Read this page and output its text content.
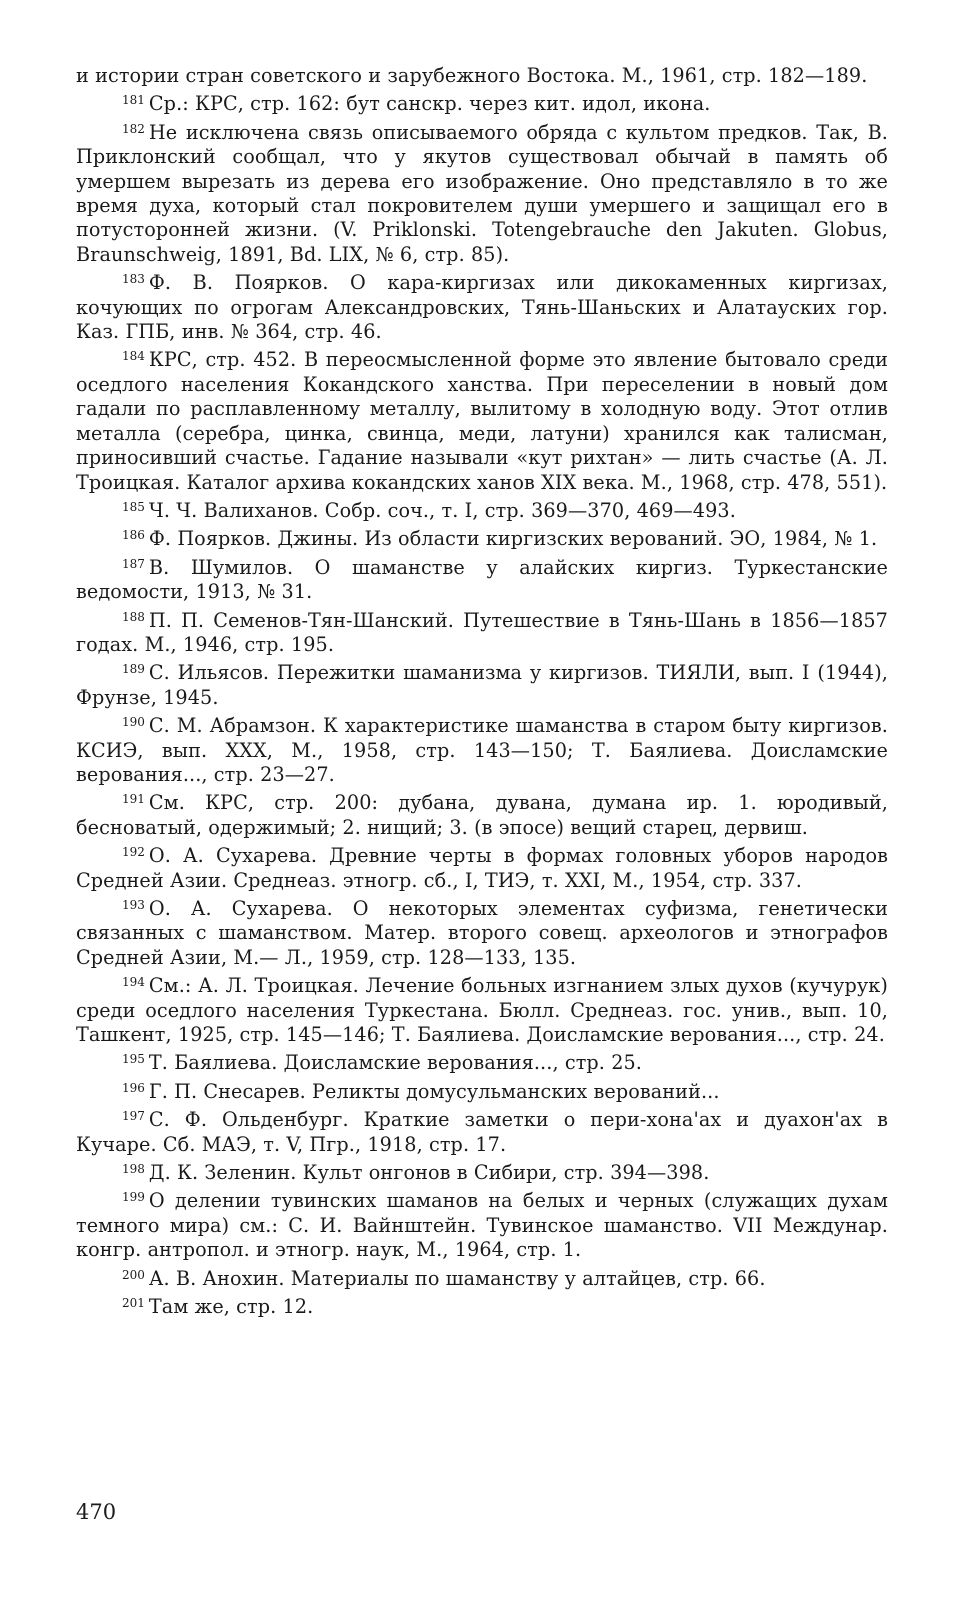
и истории стран советского и зарубежного Востока. М., 1961, стр. 182—189.

$^{181}$ Ср.: КРС, стр. 162: бут санскр. через кит. идол, икона.

$^{182}$ Не исключена связь описываемого обряда с культом предков. Так, В. Приклонский сообщал, что у якутов существовал обычай в память об умершем вырезать из дерева его изображение. Оно представляло в то же время духа, который стал покровителем души умершего и защищал его в потусторонней жизни. (V. Priklonski. Totengebrauche den Jakuten. Globus, Braunschweig, 1891, Bd. LIX, № 6, стр. 85).

$^{183}$ Ф. В. Поярков. О кара-киргизах или дикокаменных киргизах, кочующих по огрогам Александровских, Тянь-Шаньских и Алатауских гор. Каз. ГПБ, инв. № 364, стр. 46.

$^{184}$ КРС, стр. 452. В переосмысленной форме это явление бытовало среди оседлого населения Кокандского ханства. При переселении в новый дом гадали по расплавленному металлу, вылитому в холодную воду. Этот отлив металла (серебра, цинка, свинца, меди, латуни) хранился как талисман, приносивший счастье. Гадание называли «кут рихтан» — лить счастье (А. Л. Троицкая. Каталог архива кокандских ханов XIX века. М., 1968, стр. 478, 551).

$^{185}$ Ч. Ч. Валиханов. Собр. соч., т. I, стр. 369—370, 469—493.

$^{186}$ Ф. Поярков. Джины. Из области киргизских верований. ЭО, 1984, № 1.

$^{187}$ В. Шумилов. О шаманстве у алайских киргиз. Туркестанские ведомости, 1913, № 31.

$^{188}$ П. П. Семенов-Тян-Шанский. Путешествие в Тянь-Шань в 1856—1857 годах. М., 1946, стр. 195.

$^{189}$ С. Ильясов. Пережитки шаманизма у киргизов. ТИЯЛИ, вып. I (1944), Фрунзе, 1945.

$^{190}$ С. М. Абрамзон. К характеристике шаманства в старом быту киргизов. КСИЭ, вып. XXX, М., 1958, стр. 143—150; Т. Баялиева. Доисламские верования..., стр. 23—27.

$^{191}$ См. КРС, стр. 200: дубана, дувана, думана ир. 1. юродивый, бесноватый, одержимый; 2. нищий; 3. (в эпосе) вещий старец, дервиш.

$^{192}$ О. А. Сухарева. Древние черты в формах головных уборов народов Средней Азии. Среднеаз. этногр. сб., I, ТИЭ, т. XXI, М., 1954, стр. 337.

$^{193}$ О. А. Сухарева. О некоторых элементах суфизма, генетически связанных с шаманством. Матер. второго совещ. археологов и этнографов Средней Азии, М.— Л., 1959, стр. 128—133, 135.

$^{194}$ См.: А. Л. Троицкая. Лечение больных изгнанием злых духов (кучурук) среди оседлого населения Туркестана. Бюлл. Среднеаз. гос. унив., вып. 10, Ташкент, 1925, стр. 145—146; Т. Баялиева. Доисламские верования..., стр. 24.

$^{195}$ Т. Баялиева. Доисламские верования..., стр. 25.

$^{196}$ Г. П. Снесарев. Реликты домусульманских верований...

$^{197}$ С. Ф. Ольденбург. Краткие заметки о пери-хона'ах и дуахон'ах в Кучаре. Сб. МАЭ, т. V, Пгр., 1918, стр. 17.

$^{198}$ Д. К. Зеленин. Культ онгонов в Сибири, стр. 394—398.

$^{199}$ О делении тувинских шаманов на белых и черных (служащих духам темного мира) см.: С. И. Вайнштейн. Тувинское шаманство. VII Междунар. конгр. антропол. и этногр. наук, М., 1964, стр. 1.

$^{200}$ А. В. Анохин. Материалы по шаманству у алтайцев, стр. 66.

$^{201}$ Там же, стр. 12.

470
